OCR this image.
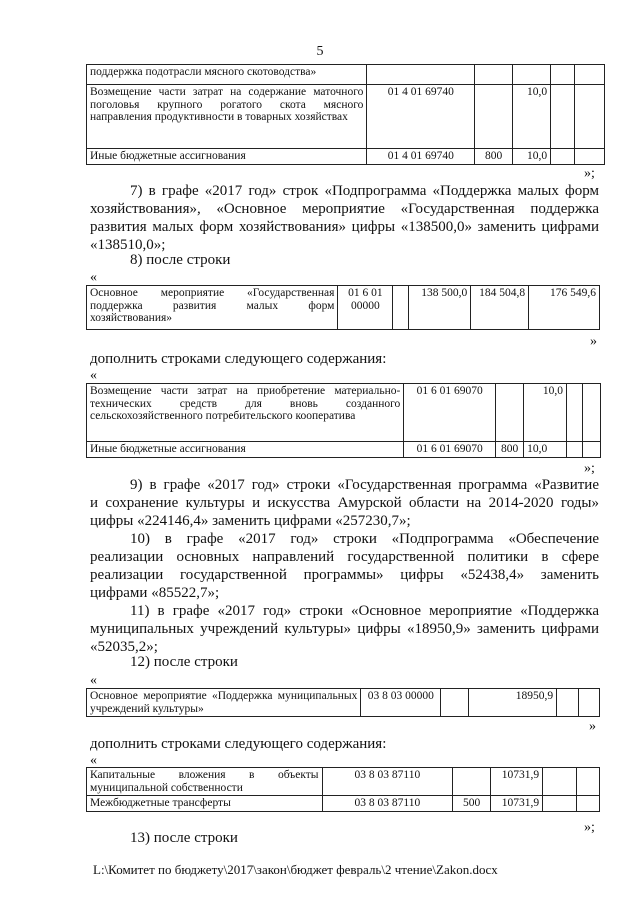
5
поддержка подотрасли мясного скотоводства»					
Возмещение части затрат на содержание маточного поголовья крупного рогатого скота мясного направления продуктивности в товарных хозяйствах	01 4 01 69740		10,0		
Иные бюджетные ассигнования	01 4 01 69740	800	10,0		
»;
7) в графе «2017 год» строк «Подпрограмма «Поддержка малых форм
хозяйствования», «Основное мероприятие «Государственная поддержка
развития малых форм хозяйствования» цифры «138500,0» заменить цифрами
«138510,0»;
8) после строки
«
Основное мероприятие «Государственная поддержка развития малых форм хозяйствования»	01 6 01 00000		138 500,0	184 504,8	176 549,6
»
дополнить строками следующего содержания:
«
Возмещение части затрат на приобретение материально-технических средств для вновь созданного сельскохозяйственного потребительского кооператива	01 6 01 69070		10,0		
Иные бюджетные ассигнования	01 6 01 69070	800	10,0		
»;
9) в графе «2017 год» строки «Государственная программа «Развитие
и сохранение культуры и искусства Амурской области на 2014-2020 годы»
цифры «224146,4» заменить цифрами «257230,7»;
10) в графе «2017 год» строки «Подпрограмма «Обеспечение
реализации основных направлений государственной политики в сфере
реализации государственной программы» цифры «52438,4» заменить
цифрами «85522,7»;
11) в графе «2017 год» строки «Основное мероприятие «Поддержка
муниципальных учреждений культуры» цифры «18950,9» заменить цифрами
«52035,2»;
12) после строки
«
Основное мероприятие «Поддержка муниципальных учреждений культуры»	03 8 03 00000		18950,9		
»
дополнить строками следующего содержания:
«
Капитальные вложения в объекты муниципальной собственности	03 8 03 87110		10731,9		
Межбюджетные трансферты	03 8 03 87110	500	10731,9		
»;
13) после строки
L:\Комитет по бюджету\2017\закон\бюджет февраль\2 чтение\Zakon.docx
